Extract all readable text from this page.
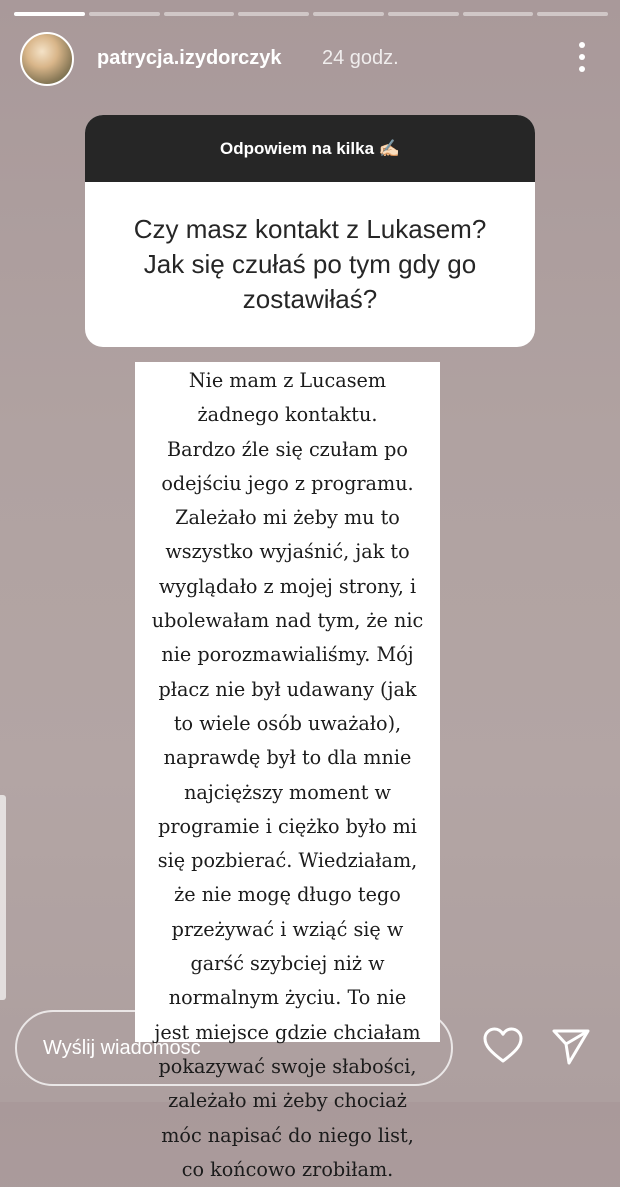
patrycja.izydorczyk 24 godz.
Odpowiem na kilka ✍🏻
Czy masz kontakt z Lukasem? Jak się czułaś po tym gdy go zostawiłaś?
Nie mam z Lucasem
żadnego kontaktu.
Bardzo źle się czułam po
odejściu jego z programu.
Zależało mi żeby mu to
wszystko wyjaśnić, jak to
wyglądało z mojej strony, i
ubolewałam nad tym, że nic
nie porozmawialiśmy. Mój
płacz nie był udawany (jak
to wiele osób uważało),
naprawdę był to dla mnie
najcięższy moment w
programie i ciężko było mi
się pozbierać. Wiedziałam,
że nie mogę długo tego
przeżywać i wziąć się w
garść szybciej niż w
normalnym życiu. To nie
jest miejsce gdzie chciałam
pokazywać swoje słabości,
zależało mi żeby chociaż
móc napisać do niego list,
co końcowo zrobiłam.
Wyślij wiadomość
